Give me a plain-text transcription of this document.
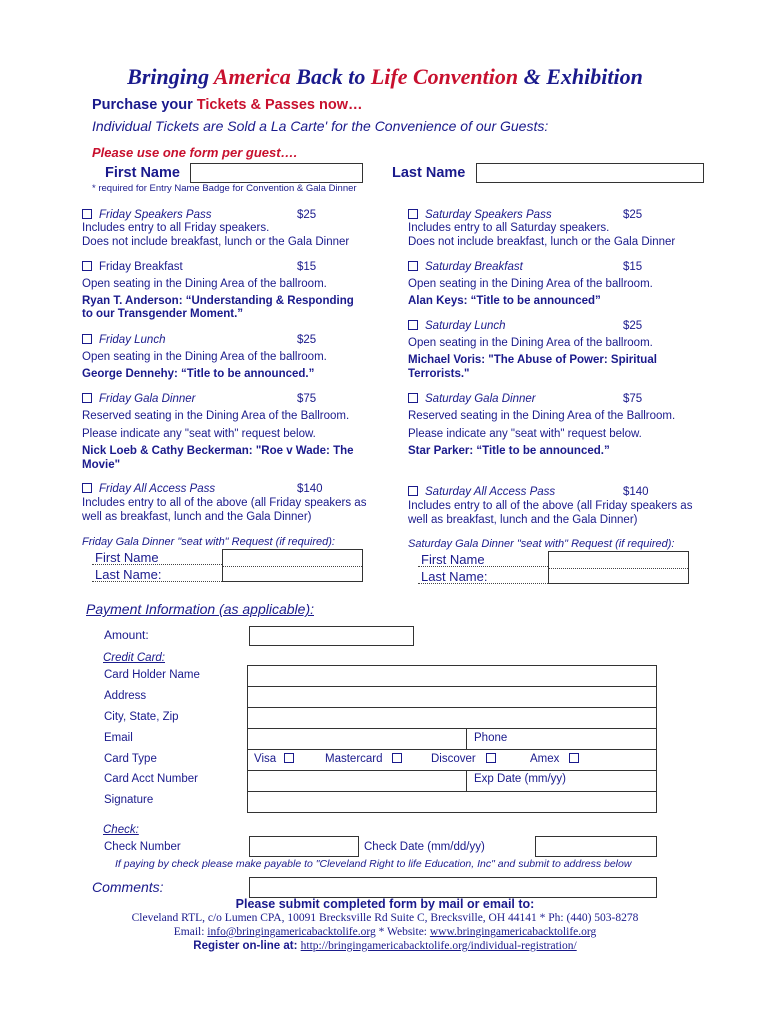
Bringing America Back to Life Convention & Exhibition
Purchase your Tickets & Passes now…
Individual Tickets are Sold a La Carte' for the Convenience of our Guests:
Please use one form per guest….
First Name	Last Name
* required for Entry Name Badge for Convention & Gala Dinner
Friday Speakers Pass	$25
Includes entry to all Friday speakers.
Does not include breakfast, lunch or the Gala Dinner
Friday Breakfast	$15
Open seating in the Dining Area of the ballroom.
Ryan T. Anderson: “Understanding & Responding
to our Transgender Moment.”
Friday Lunch	$25
Open seating in the Dining Area of the ballroom.
George Dennehy: “Title to be announced.”
Friday Gala Dinner	$75
Reserved seating in the Dining Area of the Ballroom.
Please indicate any "seat with" request below.
Nick Loeb & Cathy Beckerman: "Roe v Wade: The
Movie"
Friday All Access Pass	$140
Includes entry to all of the above (all Friday speakers as
well as breakfast, lunch and the Gala Dinner)
Saturday Speakers Pass	$25
Includes entry to all Saturday speakers.
Does not include breakfast, lunch or the Gala Dinner
Saturday Breakfast	$15
Open seating in the Dining Area of the ballroom.
Alan Keys: “Title to be announced”
Saturday Lunch	$25
Open seating in the Dining Area of the ballroom.
Michael Voris: "The Abuse of Power: Spiritual
Terrorists."
Saturday Gala Dinner	$75
Reserved seating in the Dining Area of the Ballroom.
Please indicate any "seat with" request below.
Star Parker: “Title to be announced.”
Saturday All Access Pass	$140
Includes entry to all of the above (all Friday speakers as
well as breakfast, lunch and the Gala Dinner)
Friday Gala Dinner "seat with" Request (if required):
First Name
Last Name:
Saturday Gala Dinner "seat with" Request (if required):
First Name
Last Name:
Payment Information (as applicable):
Amount:
Credit Card:
Card Holder Name
Address
City, State, Zip
Email	Phone
Card Type	Visa	Mastercard	Discover	Amex
Card Acct Number	Exp Date (mm/yy)
Signature
Check:
Check Number	Check Date (mm/dd/yy)
If paying by check please make payable to "Cleveland Right to life Education, Inc" and submit to address below
Comments:
Please submit completed form by mail or email to:
Cleveland RTL, c/o Lumen CPA, 10091 Brecksville Rd Suite C, Brecksville, OH 44141 * Ph: (440) 503-8278
Email: info@bringingamericabacktolife.org * Website: www.bringingamericabacktolife.org
Register on-line at: http://bringingamericabacktolife.org/individual-registration/
